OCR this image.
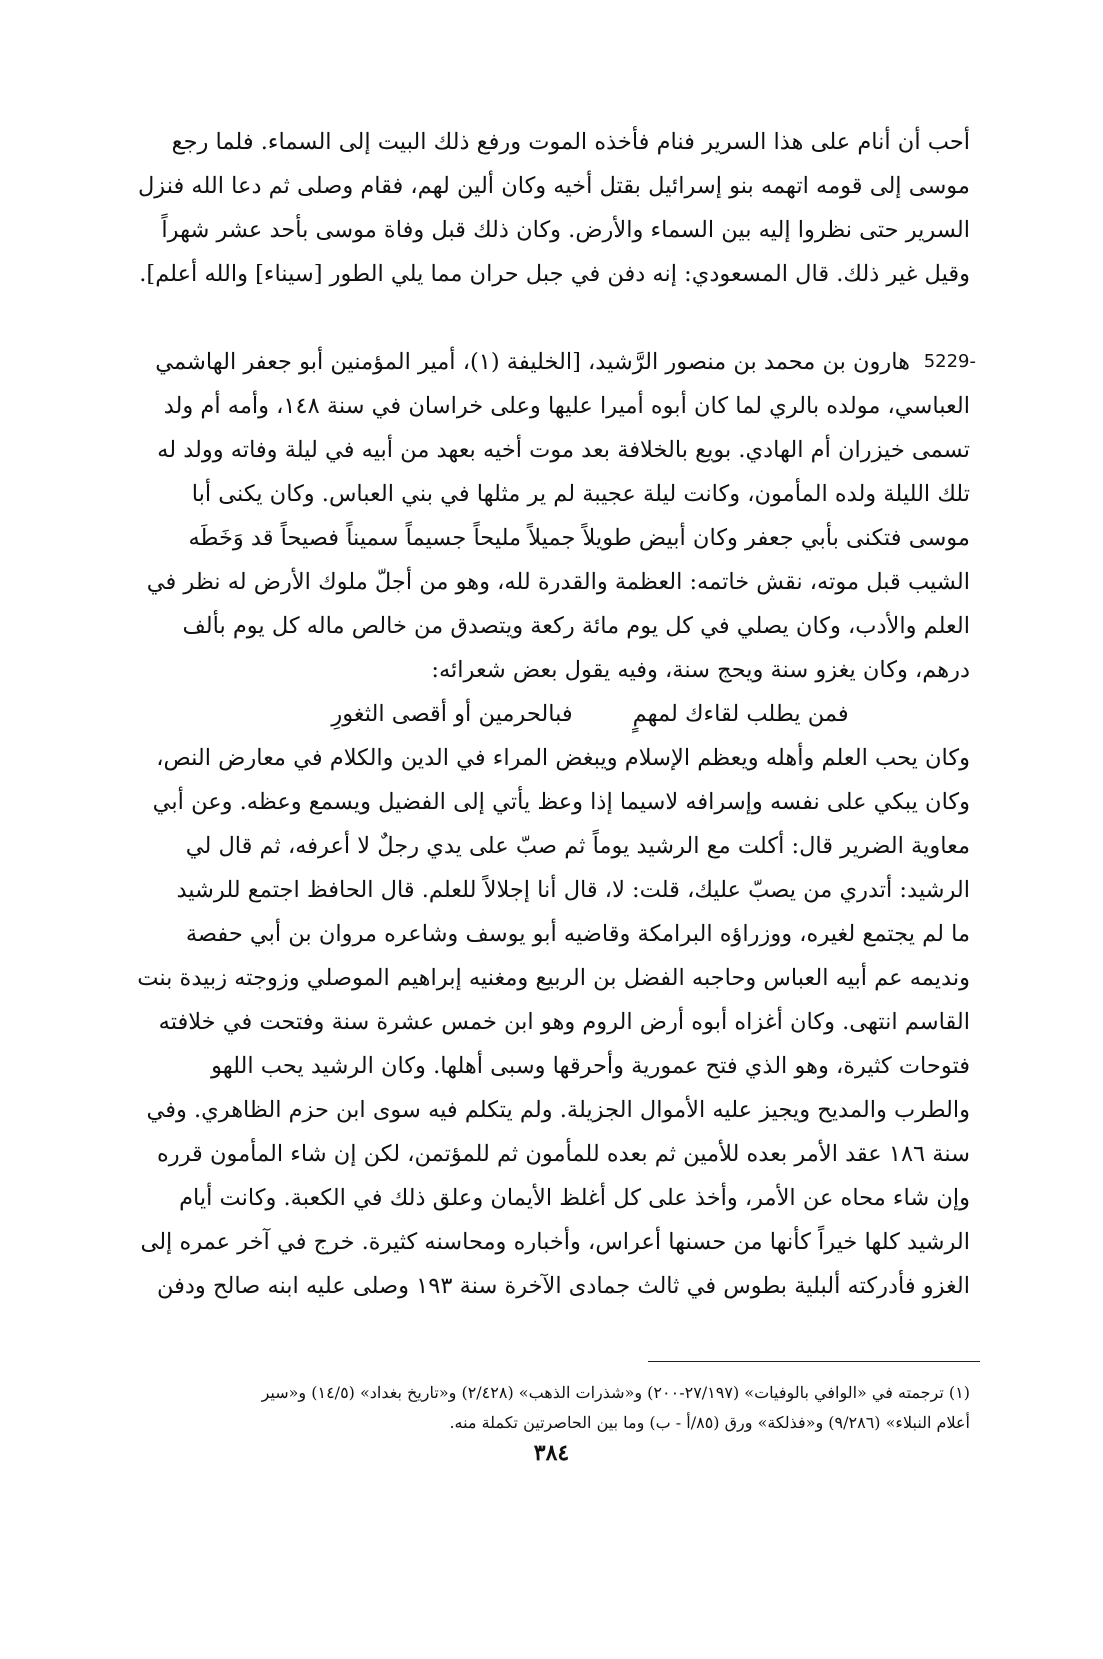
أحب أن أنام على هذا السرير فنام فأخذه الموت ورفع ذلك البيت إلى السماء. فلما رجع
موسى إلى قومه اتهمه بنو إسرائيل بقتل أخيه وكان ألين لهم، فقام وصلى ثم دعا الله فنزل
السرير حتى نظروا إليه بين السماء والأرض. وكان ذلك قبل وفاة موسى بأحد عشر شهراً
وقيل غير ذلك. قال المسعودي: إنه دفن في جبل حران مما يلي الطور [سيناء] والله أعلم].
5229-
هارون بن محمد بن منصور الرَّشيد، [الخليفة (١)، أمير المؤمنين أبو جعفر الهاشمي
العباسي، مولده بالري لما كان أبوه أميرا عليها وعلى خراسان في سنة ١٤٨، وأمه أم ولد
تسمى خيزران أم الهادي. بويع بالخلافة بعد موت أخيه بعهد من أبيه في ليلة وفاته وولد له
تلك الليلة ولده المأمون، وكانت ليلة عجيبة لم ير مثلها في بني العباس. وكان يكنى أبا
موسى فتكنى بأبي جعفر وكان أبيض طويلاً جميلاً مليحاً جسيماً سميناً فصيحاً قد وَخَطَه
الشيب قبل موته، نقش خاتمه: العظمة والقدرة لله، وهو من أجلّ ملوك الأرض له نظر في
العلم والأدب، وكان يصلي في كل يوم مائة ركعة ويتصدق من خالص ماله كل يوم بألف
درهم، وكان يغزو سنة ويحج سنة، وفيه يقول بعض شعرائه:
فمن يطلب لقاءك لمهمٍ
فبالحرمين أو أقصى الثغورِ
وكان يحب العلم وأهله ويعظم الإسلام ويبغض المراء في الدين والكلام في معارض النص،
وكان يبكي على نفسه وإسرافه لاسيما إذا وعظ يأتي إلى الفضيل ويسمع وعظه. وعن أبي
معاوية الضرير قال: أكلت مع الرشيد يوماً ثم صبّ على يدي رجلٌ لا أعرفه، ثم قال لي
الرشيد: أتدري من يصبّ عليك، قلت: لا، قال أنا إجلالاً للعلم. قال الحافظ اجتمع للرشيد
ما لم يجتمع لغيره، ووزراؤه البرامكة وقاضيه أبو يوسف وشاعره مروان بن أبي حفصة
ونديمه عم أبيه العباس وحاجبه الفضل بن الربيع ومغنيه إبراهيم الموصلي وزوجته زبيدة بنت
القاسم انتهى. وكان أغزاه أبوه أرض الروم وهو ابن خمس عشرة سنة وفتحت في خلافته
فتوحات كثيرة، وهو الذي فتح عمورية وأحرقها وسبى أهلها. وكان الرشيد يحب اللهو
والطرب والمديح ويجيز عليه الأموال الجزيلة. ولم يتكلم فيه سوى ابن حزم الظاهري. وفي
سنة ١٨٦ عقد الأمر بعده للأمين ثم بعده للمأمون ثم للمؤتمن، لكن إن شاء المأمون قرره
وإن شاء محاه عن الأمر، وأخذ على كل أغلظ الأيمان وعلق ذلك في الكعبة. وكانت أيام
الرشيد كلها خيراً كأنها من حسنها أعراس، وأخباره ومحاسنه كثيرة. خرج في آخر عمره إلى
الغزو فأدركته ألبلية بطوس في ثالث جمادى الآخرة سنة ١٩٣ وصلى عليه ابنه صالح ودفن
(١) ترجمته في «الوافي بالوفيات» (٢٧/١٩٧-٢٠٠) و«شذرات الذهب» (٢/٤٢٨) و«تاريخ بغداد» (١٤/٥) و«سير
أعلام النبلاء» (٩/٢٨٦) و«فذلكة» ورق (٨٥/أ - ب) وما بين الحاصرتين تكملة منه.
٣٨٤
